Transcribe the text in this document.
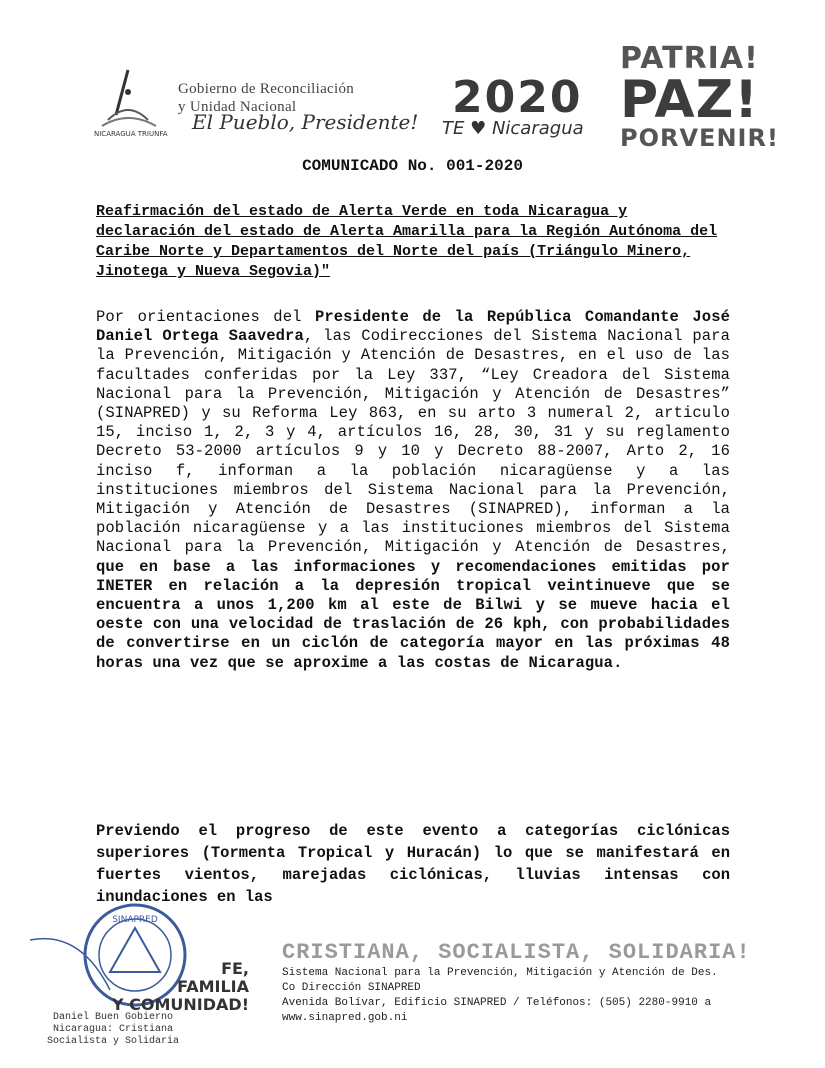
Gobierno de Reconciliación
y Unidad Nacional
El Pueblo, Presidente!
NICARAGUA TRIUNFA
2020
TE ♥ Nicaragua
PATRIA!
PAZ!
PORVENIR!
COMUNICADO No. 001-2020
Reafirmación del estado de Alerta Verde en toda Nicaragua y declaración del estado de Alerta Amarilla para la Región Autónoma del Caribe Norte y Departamentos del Norte del país (Triángulo Minero, Jinotega y Nueva Segovia)"
Por orientaciones del Presidente de la República Comandante José Daniel Ortega Saavedra, las Codirecciones del Sistema Nacional para la Prevención, Mitigación y Atención de Desastres, en el uso de las facultades conferidas por la Ley 337, “Ley Creadora del Sistema Nacional para la Prevención, Mitigación y Atención de Desastres” (SINAPRED) y su Reforma Ley 863, en su arto 3 numeral 2, articulo 15, inciso 1, 2, 3 y 4, artículos 16, 28, 30, 31 y su reglamento Decreto 53-2000 artículos 9 y 10 y Decreto 88-2007, Arto 2, 16 inciso f, informan a la población nicaragüense y a las instituciones miembros del Sistema Nacional para la Prevención, Mitigación y Atención de Desastres (SINAPRED), informan a la población nicaragüense y a las instituciones miembros del Sistema Nacional para la Prevención, Mitigación y Atención de Desastres, que en base a las informaciones y recomendaciones emitidas por INETER en relación a la depresión tropical veintinueve que se encuentra a unos 1,200 km al este de Bilwi y se mueve hacia el oeste con una velocidad de traslación de 26 kph, con probabilidades de convertirse en un ciclón de categoría mayor en las próximas 48 horas una vez que se aproxime a las costas de Nicaragua.
Previendo el progreso de este evento a categorías ciclónicas superiores (Tormenta Tropical y Huracán) lo que se manifestará en fuertes vientos, marejadas ciclónicas, lluvias intensas con inundaciones en las
SINAPRED
FE,
FAMILIA
Y COMUNIDAD!
Daniel Buen Gobierno
Nicaragua: Cristiana
Socialista y Solidaria
CRISTIANA, SOCIALISTA, SOLIDARIA!
Sistema Nacional para la Prevención, Mitigación y Atención de Des.
Co Dirección SINAPRED
Avenida Bolívar, Edificio SINAPRED / Teléfonos: (505) 2280-9910 a
www.sinapred.gob.ni
